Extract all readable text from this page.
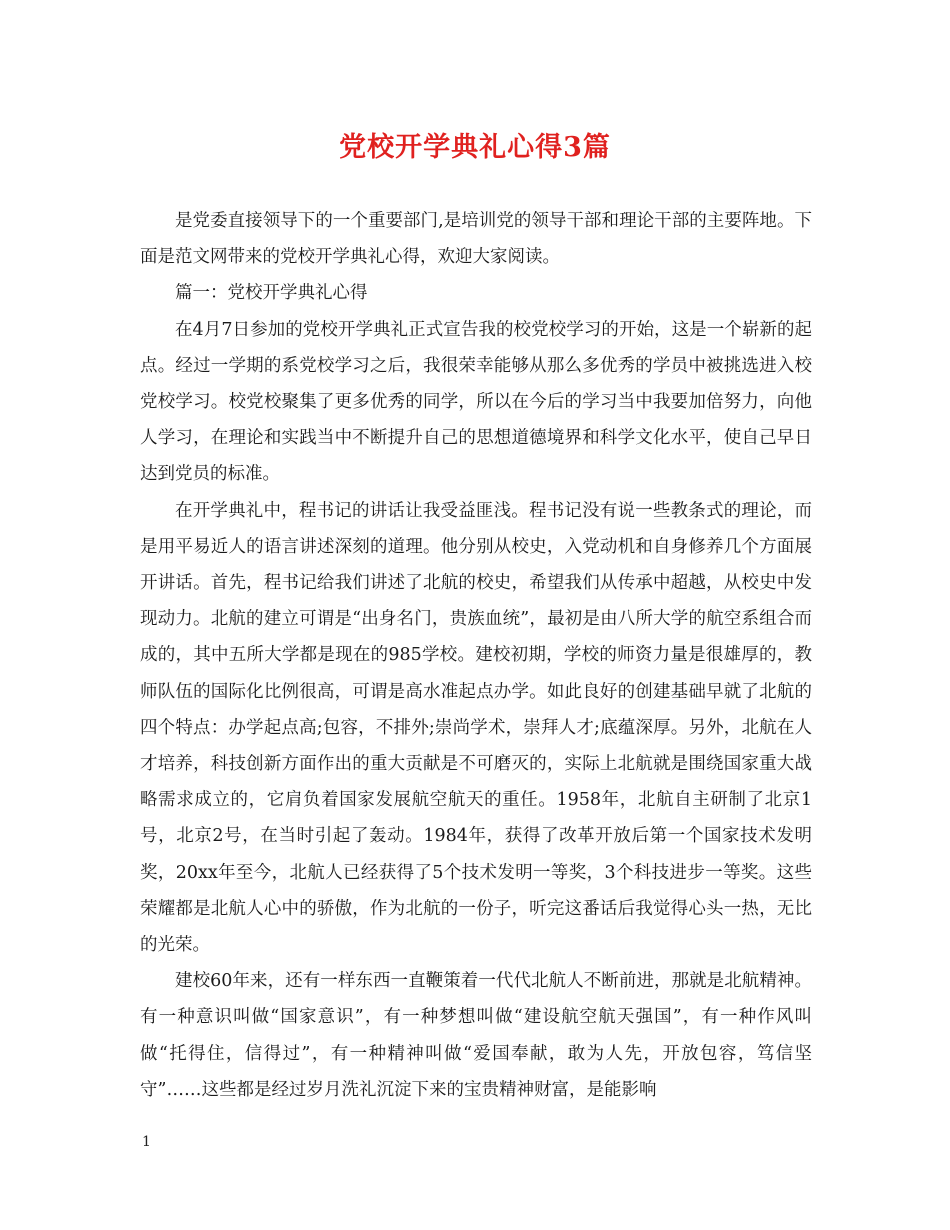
党校开学典礼心得3篇

是党委直接领导下的一个重要部门,是培训党的领导干部和理论干部的主要阵地。下面是范文网带来的党校开学典礼心得，欢迎大家阅读。

篇一：党校开学典礼心得

在4月7日参加的党校开学典礼正式宣告我的校党校学习的开始，这是一个崭新的起点。经过一学期的系党校学习之后，我很荣幸能够从那么多优秀的学员中被挑选进入校党校学习。校党校聚集了更多优秀的同学，所以在今后的学习当中我要加倍努力，向他人学习，在理论和实践当中不断提升自己的思想道德境界和科学文化水平，使自己早日达到党员的标准。

在开学典礼中，程书记的讲话让我受益匪浅。程书记没有说一些教条式的理论，而是用平易近人的语言讲述深刻的道理。他分别从校史，入党动机和自身修养几个方面展开讲话。首先，程书记给我们讲述了北航的校史，希望我们从传承中超越，从校史中发现动力。北航的建立可谓是“出身名门，贵族血统”，最初是由八所大学的航空系组合而成的，其中五所大学都是现在的985学校。建校初期，学校的师资力量是很雄厚的，教师队伍的国际化比例很高，可谓是高水准起点办学。如此良好的创建基础早就了北航的四个特点：办学起点高;包容，不排外;崇尚学术，崇拜人才;底蕴深厚。另外，北航在人才培养，科技创新方面作出的重大贡献是不可磨灭的，实际上北航就是围绕国家重大战略需求成立的，它肩负着国家发展航空航天的重任。1958年，北航自主研制了北京1号，北京2号，在当时引起了轰动。1984年，获得了改革开放后第一个国家技术发明奖，20xx年至今，北航人已经获得了5个技术发明一等奖，3个科技进步一等奖。这些荣耀都是北航人心中的骄傲，作为北航的一份子，听完这番话后我觉得心头一热，无比的光荣。

建校60年来，还有一样东西一直鞭策着一代代北航人不断前进，那就是北航精神。有一种意识叫做“国家意识”，有一种梦想叫做“建设航空航天强国”，有一种作风叫做“托得住，信得过”，有一种精神叫做“爱国奉献，敢为人先，开放包容，笃信坚守”……这些都是经过岁月洗礼沉淀下来的宝贵精神财富，是能影响

1
